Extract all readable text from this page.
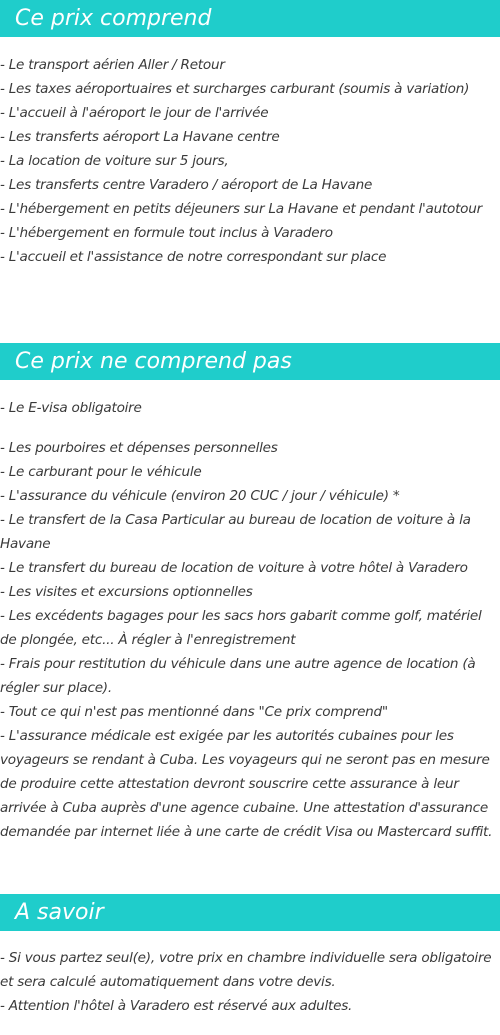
Ce prix comprend
- Le transport aérien Aller / Retour
- Les taxes aéroportuaires et surcharges carburant (soumis à variation)
- L'accueil à l'aéroport le jour de l'arrivée
- Les transferts aéroport La Havane centre
- La location de voiture sur 5 jours,
- Les transferts centre Varadero / aéroport de La Havane
- L'hébergement en petits déjeuners sur La Havane et pendant l'autotour
- L'hébergement en formule tout inclus à Varadero
- L'accueil et l'assistance de notre correspondant sur place
Ce prix ne comprend pas
- Le E-visa obligatoire
- Les pourboires et dépenses personnelles
- Le carburant pour le véhicule
- L'assurance du véhicule (environ 20 CUC / jour / véhicule) *
- Le transfert de la Casa Particular au bureau de location de voiture à la Havane
- Le transfert du bureau de location de voiture à votre hôtel à Varadero
- Les visites et excursions optionnelles
- Les excédents bagages pour les sacs hors gabarit comme golf, matériel de plongée, etc... À régler à l'enregistrement
- Frais pour restitution du véhicule dans une autre agence de location (à régler sur place).
- Tout ce qui n'est pas mentionné dans "Ce prix comprend"
- L'assurance médicale est exigée par les autorités cubaines pour les voyageurs se rendant à Cuba. Les voyageurs qui ne seront pas en mesure de produire cette attestation devront souscrire cette assurance à leur arrivée à Cuba auprès d'une agence cubaine. Une attestation d'assurance demandée par internet liée à une carte de crédit Visa ou Mastercard suffit.
A savoir
- Si vous partez seul(e), votre prix en chambre individuelle sera obligatoire et sera calculé automatiquement dans votre devis.
- Attention l'hôtel à Varadero est réservé aux adultes.
